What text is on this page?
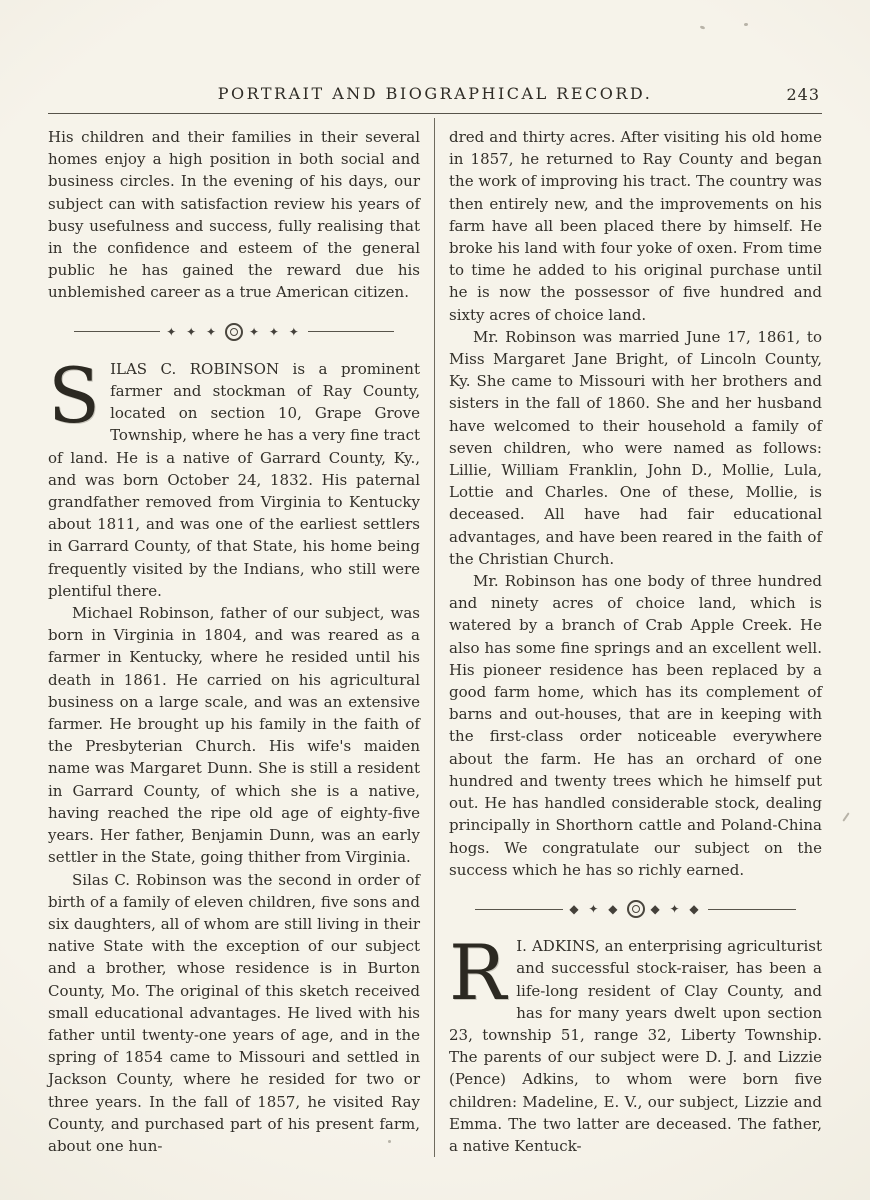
PORTRAIT AND BIOGRAPHICAL RECORD.	243

His children and their families in their several homes enjoy a high position in both social and business circles. In the evening of his days, our subject can with satisfaction review his years of busy usefulness and success, fully realising that in the confidence and esteem of the general public he has gained the reward due his unblemished career as a true American citizen.

✦ ✦ ✦	✦ ✦ ✦

SILAS C. ROBINSON is a prominent farmer and stockman of Ray County, located on section 10, Grape Grove Township, where he has a very fine tract of land. He is a native of Garrard County, Ky., and was born October 24, 1832. His paternal grandfather removed from Virginia to Kentucky about 1811, and was one of the earliest settlers in Garrard County, of that State, his home being frequently visited by the Indians, who still were plentiful there.

Michael Robinson, father of our subject, was born in Virginia in 1804, and was reared as a farmer in Kentucky, where he resided until his death in 1861. He carried on his agricultural business on a large scale, and was an extensive farmer. He brought up his family in the faith of the Presbyterian Church. His wife's maiden name was Margaret Dunn. She is still a resident in Garrard County, of which she is a native, having reached the ripe old age of eighty-five years. Her father, Benjamin Dunn, was an early settler in the State, going thither from Virginia.

Silas C. Robinson was the second in order of birth of a family of eleven children, five sons and six daughters, all of whom are still living in their native State with the exception of our subject and a brother, whose residence is in Burton County, Mo. The original of this sketch received small educational advantages. He lived with his father until twenty-one years of age, and in the spring of 1854 came to Missouri and settled in Jackson County, where he resided for two or three years. In the fall of 1857, he visited Ray County, and purchased part of his present farm, about one hun-

dred and thirty acres. After visiting his old home in 1857, he returned to Ray County and began the work of improving his tract. The country was then entirely new, and the improvements on his farm have all been placed there by himself. He broke his land with four yoke of oxen. From time to time he added to his original purchase until he is now the possessor of five hundred and sixty acres of choice land.

Mr. Robinson was married June 17, 1861, to Miss Margaret Jane Bright, of Lincoln County, Ky. She came to Missouri with her brothers and sisters in the fall of 1860. She and her husband have welcomed to their household a family of seven children, who were named as follows: Lillie, William Franklin, John D., Mollie, Lula, Lottie and Charles. One of these, Mollie, is deceased. All have had fair educational advantages, and have been reared in the faith of the Christian Church.

Mr. Robinson has one body of three hundred and ninety acres of choice land, which is watered by a branch of Crab Apple Creek. He also has some fine springs and an excellent well. His pioneer residence has been replaced by a good farm home, which has its complement of barns and out-houses, that are in keeping with the first-class order noticeable everywhere about the farm. He has an orchard of one hundred and twenty trees which he himself put out. He has handled considerable stock, dealing principally in Shorthorn cattle and Poland-China hogs. We congratulate our subject on the success which he has so richly earned.

◆ ✦ ◆	◆ ✦ ◆

R I. ADKINS, an enterprising agriculturist and successful stock-raiser, has been a life-long resident of Clay County, and has for many years dwelt upon section 23, township 51, range 32, Liberty Township. The parents of our subject were D. J. and Lizzie (Pence) Adkins, to whom were born five children: Madeline, E. V., our subject, Lizzie and Emma. The two latter are deceased. The father, a native Kentuck-
